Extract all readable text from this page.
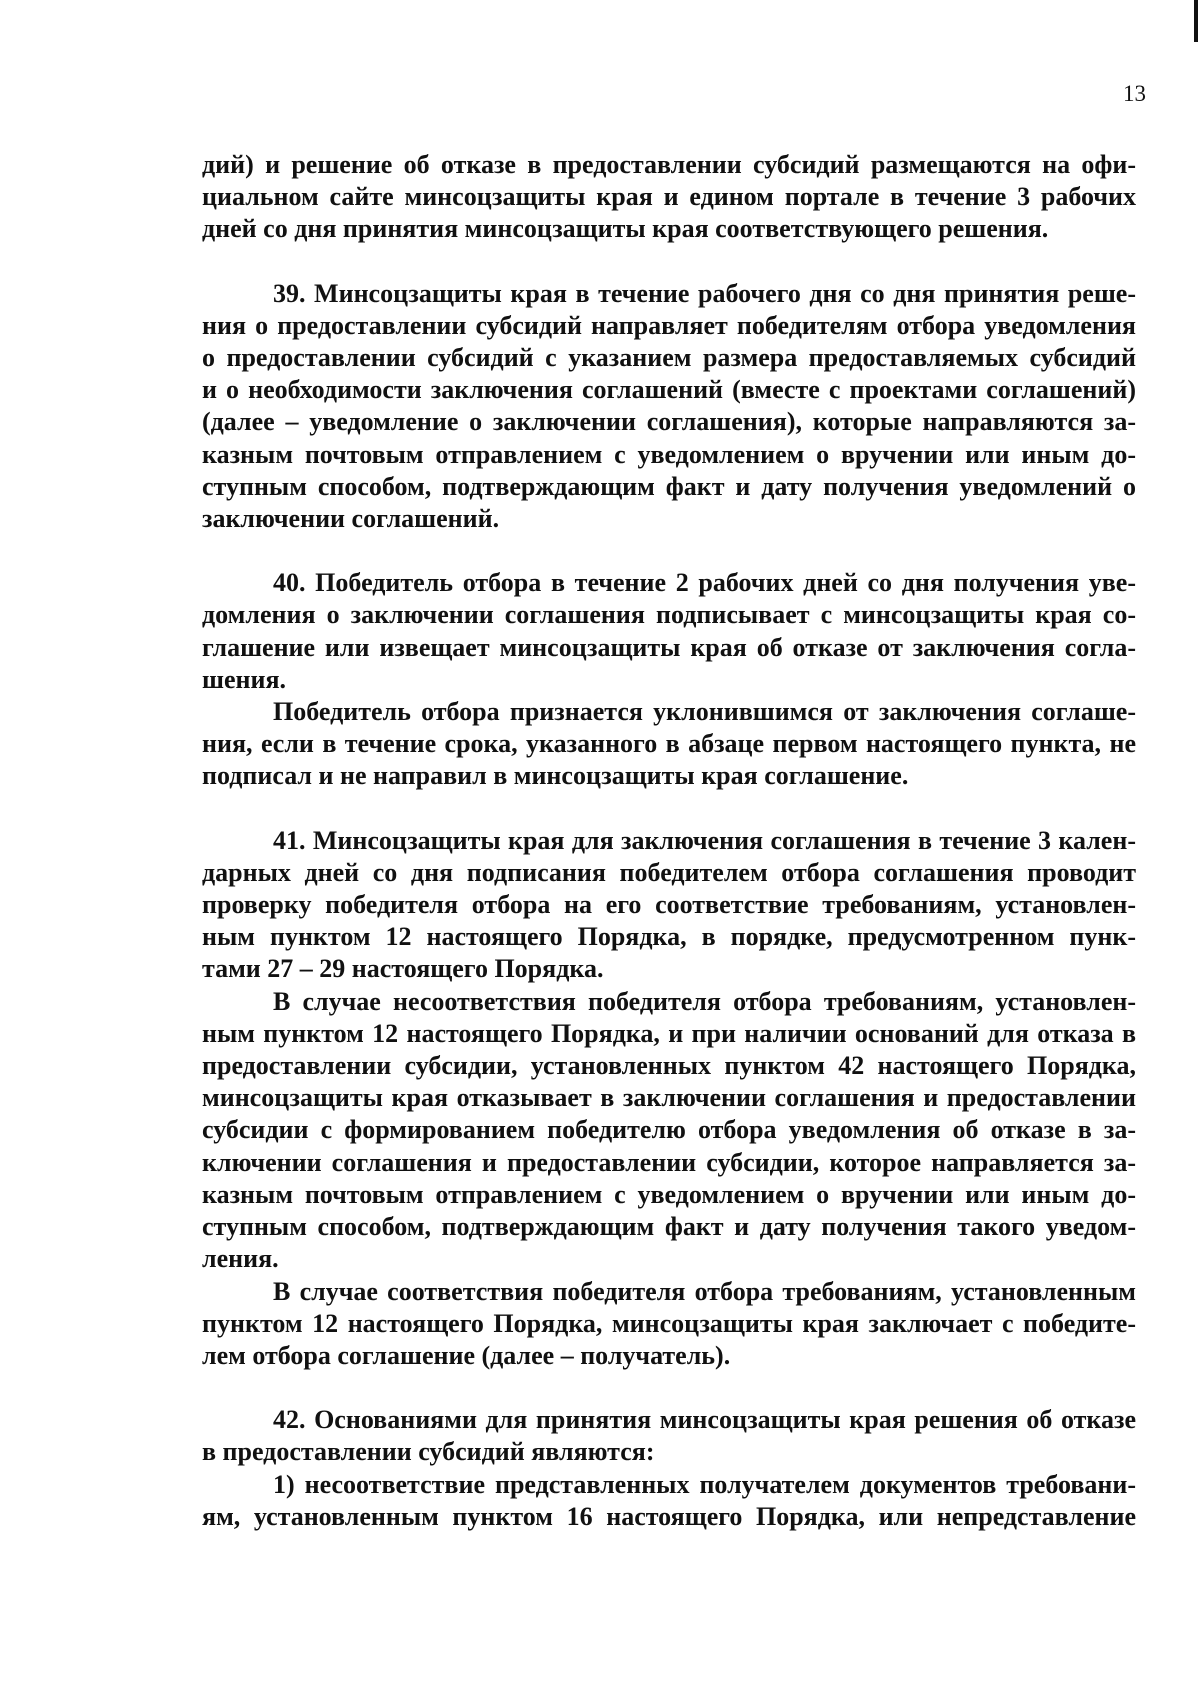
13

дий) и решение об отказе в предоставлении субсидий размещаются на офи-
циальном сайте минсоцзащиты края и едином портале в течение 3 рабочих
дней со дня принятия минсоцзащиты края соответствующего решения.

39. Минсоцзащиты края в течение рабочего дня со дня принятия реше-
ния о предоставлении субсидий направляет победителям отбора уведомления
о предоставлении субсидий с указанием размера предоставляемых субсидий
и о необходимости заключения соглашений (вместе с проектами соглашений)
(далее – уведомление о заключении соглашения), которые направляются за-
казным почтовым отправлением с уведомлением о вручении или иным до-
ступным способом, подтверждающим факт и дату получения уведомлений о
заключении соглашений.

40. Победитель отбора в течение 2 рабочих дней со дня получения уве-
домления о заключении соглашения подписывает с минсоцзащиты края со-
глашение или извещает минсоцзащиты края об отказе от заключения согла-
шения.

Победитель отбора признается уклонившимся от заключения соглаше-
ния, если в течение срока, указанного в абзаце первом настоящего пункта, не
подписал и не направил в минсоцзащиты края соглашение.

41. Минсоцзащиты края для заключения соглашения в течение 3 кален-
дарных дней со дня подписания победителем отбора соглашения проводит
проверку победителя отбора на его соответствие требованиям, установлен-
ным пунктом 12 настоящего Порядка, в порядке, предусмотренном пунк-
тами 27 – 29 настоящего Порядка.

В случае несоответствия победителя отбора требованиям, установлен-
ным пунктом 12 настоящего Порядка, и при наличии оснований для отказа в
предоставлении субсидии, установленных пунктом 42 настоящего Порядка,
минсоцзащиты края отказывает в заключении соглашения и предоставлении
субсидии с формированием победителю отбора уведомления об отказе в за-
ключении соглашения и предоставлении субсидии, которое направляется за-
казным почтовым отправлением с уведомлением о вручении или иным до-
ступным способом, подтверждающим факт и дату получения такого уведом-
ления.

В случае соответствия победителя отбора требованиям, установленным
пунктом 12 настоящего Порядка, минсоцзащиты края заключает с победите-
лем отбора соглашение (далее – получатель).

42. Основаниями для принятия минсоцзащиты края решения об отказе
в предоставлении субсидий являются:

1) несоответствие представленных получателем документов требовани-
ям, установленным пунктом 16 настоящего Порядка, или непредставление
